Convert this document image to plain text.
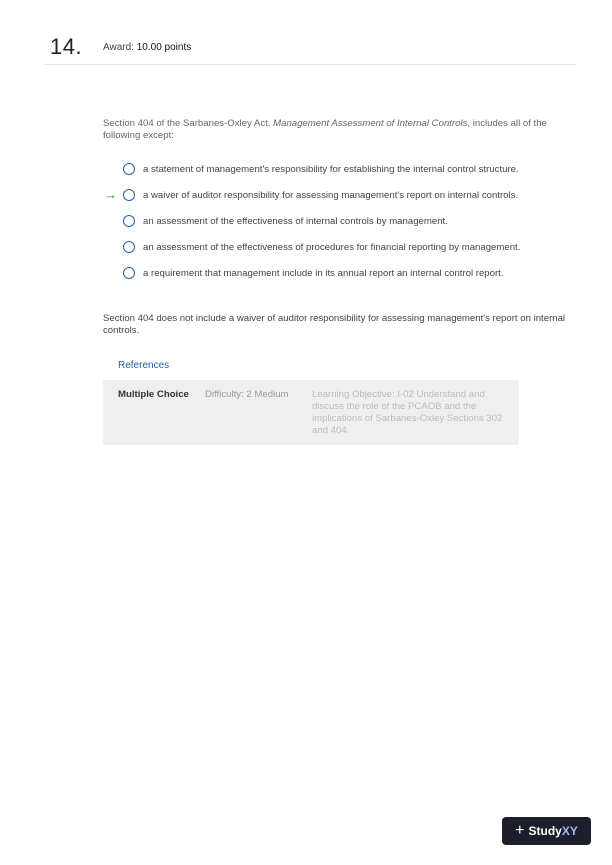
14. Award: 10.00 points
Section 404 of the Sarbanes-Oxley Act, Management Assessment of Internal Controls, includes all of the following except:
→
a statement of management's responsibility for establishing the internal control structure.
a waiver of auditor responsibility for assessing management's report on internal controls.
an assessment of the effectiveness of internal controls by management.
an assessment of the effectiveness of procedures for financial reporting by management.
a requirement that management include in its annual report an internal control report.
Section 404 does not include a waiver of auditor responsibility for assessing management's report on internal controls.
References
Multiple Choice Difficulty: 2 Medium Learning Objective: I-02 Understand and discuss the role of the PCAOB and the implications of Sarbanes-Oxley Sections 302 and 404.
+ Study XY
